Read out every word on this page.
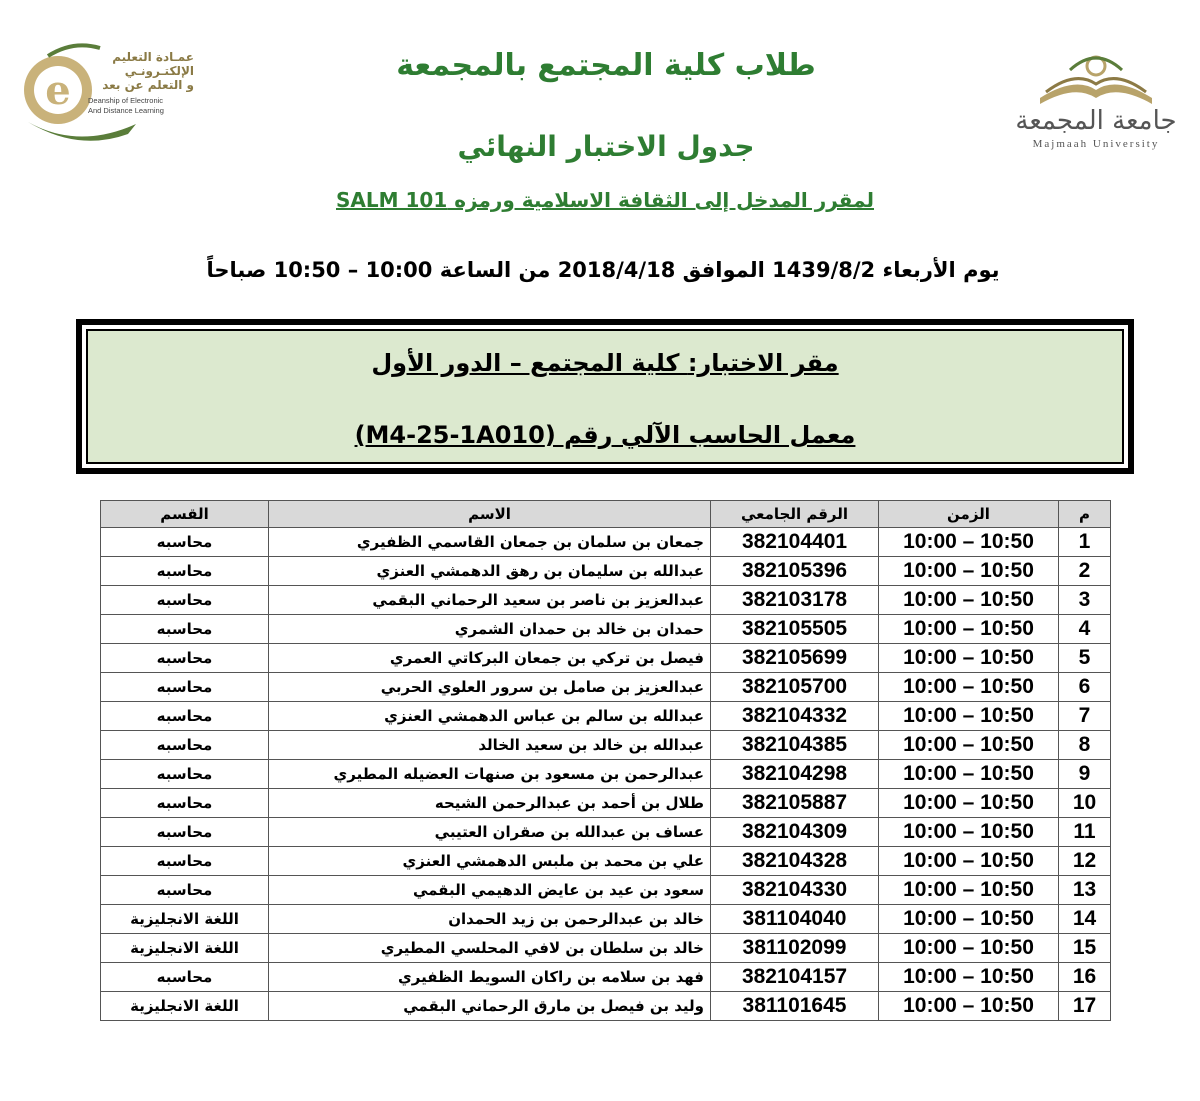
e
عمـادة التعليم
الإلكتـرونـي
و التعلم عن بعد
Deanship of Electronic
And Distance Learning	جامعة المجمعة
Majmaah University
طلاب كلية المجتمع بالمجمعة
جدول الاختبار النهائي
لمقرر المدخل إلى الثقافة الاسلامية ورمزه SALM 101
يوم الأربعاء 1439/8/2 الموافق 2018/4/18 من الساعة 10:00 – 10:50 صباحاً
مقر الاختبار: كلية المجتمع – الدور الأول
معمل الحاسب الآلي رقم (M4-25-1A010)
م	الزمن	الرقم الجامعي	الاسم	القسم
1	10:00 – 10:50	382104401	جمعان بن سلمان بن جمعان القاسمي الظفيري	محاسبه
2	10:00 – 10:50	382105396	عبدالله بن سليمان بن رهق الدهمشي العنزي	محاسبه
3	10:00 – 10:50	382103178	عبدالعزيز بن ناصر بن سعيد الرحماني البقمي	محاسبه
4	10:00 – 10:50	382105505	حمدان بن خالد بن حمدان الشمري	محاسبه
5	10:00 – 10:50	382105699	فيصل بن تركي بن جمعان البركاتي العمري	محاسبه
6	10:00 – 10:50	382105700	عبدالعزيز بن صامل بن سرور العلوي الحربي	محاسبه
7	10:00 – 10:50	382104332	عبدالله بن سالم بن عباس الدهمشي العنزي	محاسبه
8	10:00 – 10:50	382104385	عبدالله بن خالد بن سعيد الخالد	محاسبه
9	10:00 – 10:50	382104298	عبدالرحمن بن مسعود بن صنهات العضيله المطيري	محاسبه
10	10:00 – 10:50	382105887	طلال بن أحمد بن عبدالرحمن الشيحه	محاسبه
11	10:00 – 10:50	382104309	عساف بن عبدالله بن صقران العتيبي	محاسبه
12	10:00 – 10:50	382104328	علي بن محمد بن ملبس الدهمشي العنزي	محاسبه
13	10:00 – 10:50	382104330	سعود بن عيد بن عايض الدهيمي البقمي	محاسبه
14	10:00 – 10:50	381104040	خالد بن عبدالرحمن بن زيد الحمدان	اللغة الانجليزية
15	10:00 – 10:50	381102099	خالد بن سلطان بن لافي المحلسي المطيري	اللغة الانجليزية
16	10:00 – 10:50	382104157	فهد بن سلامه بن راكان السويط الظفيري	محاسبه
17	10:00 – 10:50	381101645	وليد بن فيصل بن مارق الرحماني البقمي	اللغة الانجليزية
